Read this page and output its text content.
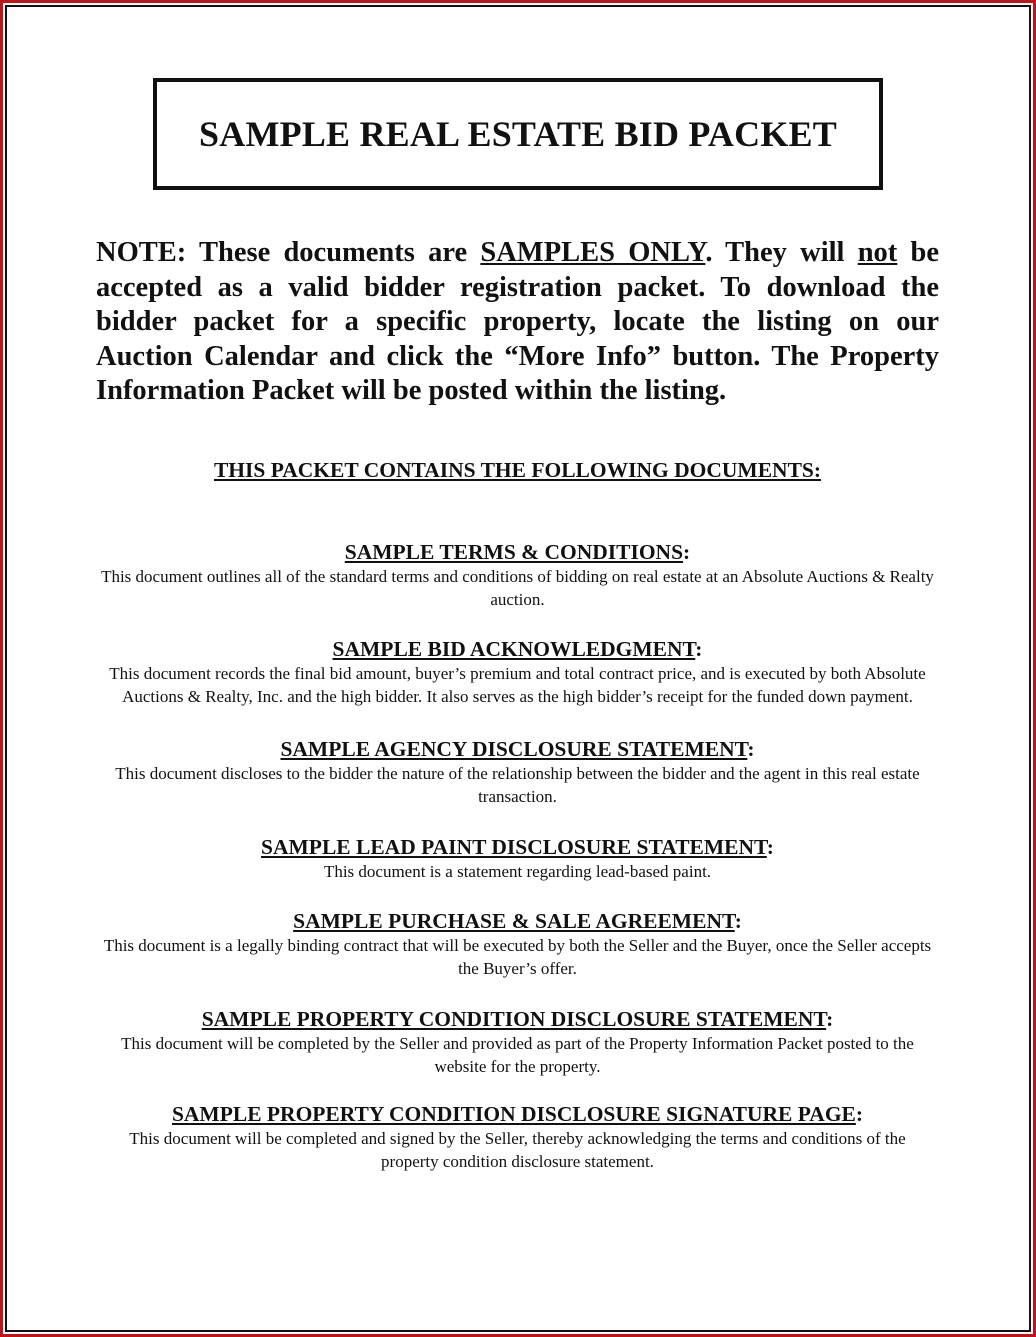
SAMPLE REAL ESTATE BID PACKET

NOTE: These documents are SAMPLES ONLY. They will not be accepted as a valid bidder registration packet. To download the bidder packet for a specific property, locate the listing on our Auction Calendar and click the “More Info” button. The Property Information Packet will be posted within the listing.

THIS PACKET CONTAINS THE FOLLOWING DOCUMENTS:

SAMPLE TERMS & CONDITIONS:

This document outlines all of the standard terms and conditions of bidding on real estate at an Absolute Auctions & Realty auction.

SAMPLE BID ACKNOWLEDGMENT:

This document records the final bid amount, buyer’s premium and total contract price, and is executed by both Absolute Auctions & Realty, Inc. and the high bidder. It also serves as the high bidder’s receipt for the funded down payment.

SAMPLE AGENCY DISCLOSURE STATEMENT:

This document discloses to the bidder the nature of the relationship between the bidder and the agent in this real estate transaction.

SAMPLE LEAD PAINT DISCLOSURE STATEMENT:

This document is a statement regarding lead-based paint.

SAMPLE PURCHASE & SALE AGREEMENT:

This document is a legally binding contract that will be executed by both the Seller and the Buyer, once the Seller accepts the Buyer’s offer.

SAMPLE PROPERTY CONDITION DISCLOSURE STATEMENT:

This document will be completed by the Seller and provided as part of the Property Information Packet posted to the website for the property.

SAMPLE PROPERTY CONDITION DISCLOSURE SIGNATURE PAGE:

This document will be completed and signed by the Seller, thereby acknowledging the terms and conditions of the property condition disclosure statement.
